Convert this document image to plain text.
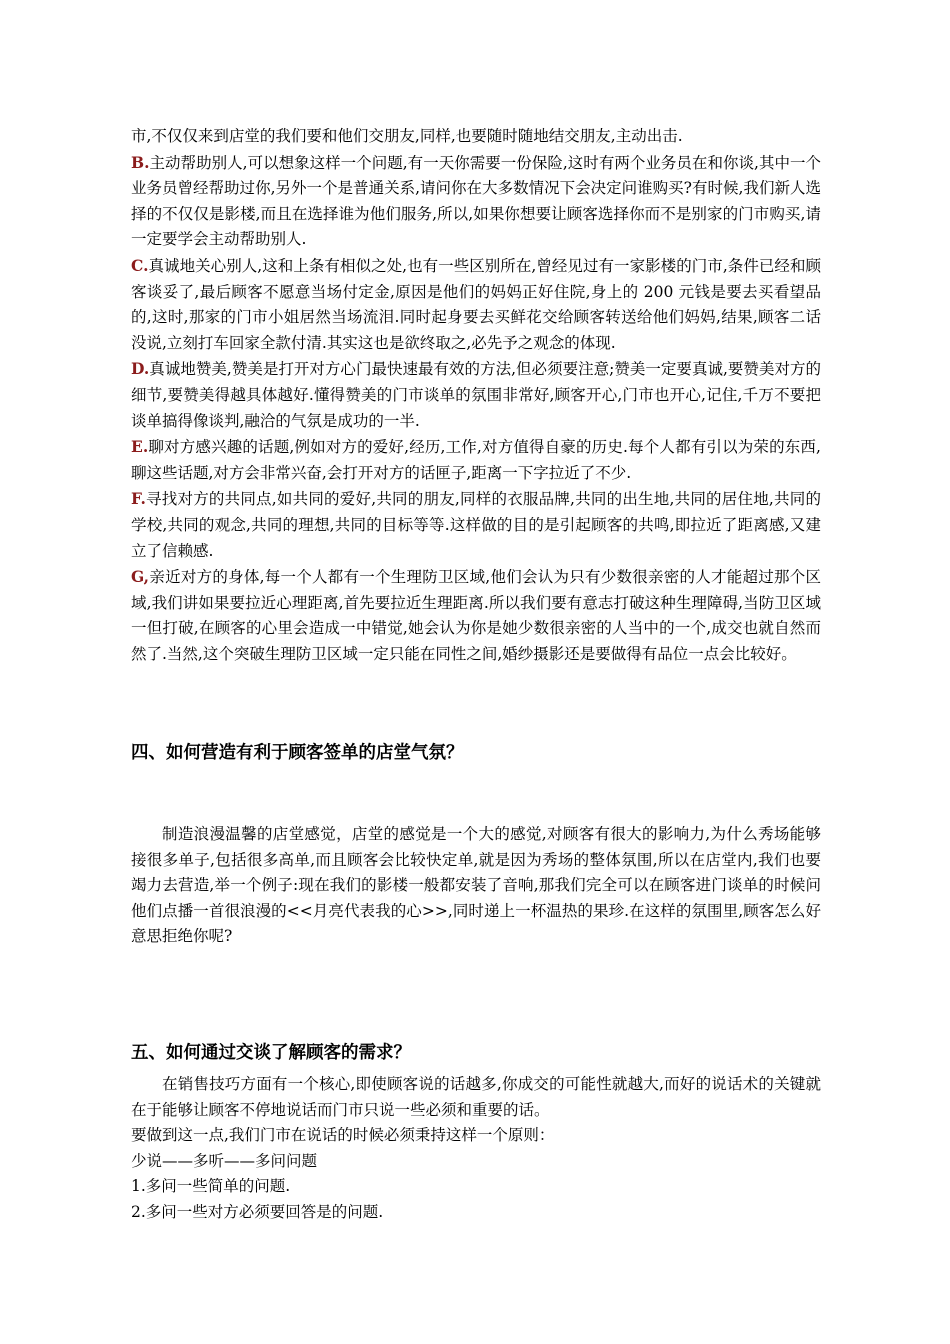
市,不仅仅来到店堂的我们要和他们交朋友,同样,也要随时随地结交朋友,主动出击.

B.主动帮助别人,可以想象这样一个问题,有一天你需要一份保险,这时有两个业务员在和你谈,其中一个业务员曾经帮助过你,另外一个是普通关系,请问你在大多数情况下会决定问谁购买?有时候,我们新人选择的不仅仅是影楼,而且在选择谁为他们服务,所以,如果你想要让顾客选择你而不是别家的门市购买,请一定要学会主动帮助别人.

C.真诚地关心别人,这和上条有相似之处,也有一些区别所在,曾经见过有一家影楼的门市,条件已经和顾客谈妥了,最后顾客不愿意当场付定金,原因是他们的妈妈正好住院,身上的 200 元钱是要去买看望品的,这时,那家的门市小姐居然当场流泪.同时起身要去买鲜花交给顾客转送给他们妈妈,结果,顾客二话没说,立刻打车回家全款付清.其实这也是欲终取之,必先予之观念的体现.

D.真诚地赞美,赞美是打开对方心门最快速最有效的方法,但必须要注意;赞美一定要真诚,要赞美对方的细节,要赞美得越具体越好.懂得赞美的门市谈单的氛围非常好,顾客开心,门市也开心,记住,千万不要把谈单搞得像谈判,融洽的气氛是成功的一半.

E.聊对方感兴趣的话题,例如对方的爱好,经历,工作,对方值得自豪的历史.每个人都有引以为荣的东西,聊这些话题,对方会非常兴奋,会打开对方的话匣子,距离一下字拉近了不少.

F.寻找对方的共同点,如共同的爱好,共同的朋友,同样的衣服品牌,共同的出生地,共同的居住地,共同的学校,共同的观念,共同的理想,共同的目标等等.这样做的目的是引起顾客的共鸣,即拉近了距离感,又建立了信赖感.

G,亲近对方的身体,每一个人都有一个生理防卫区域,他们会认为只有少数很亲密的人才能超过那个区域,我们讲如果要拉近心理距离,首先要拉近生理距离.所以我们要有意志打破这种生理障碍,当防卫区域一但打破,在顾客的心里会造成一中错觉,她会认为你是她少数很亲密的人当中的一个,成交也就自然而然了.当然,这个突破生理防卫区域一定只能在同性之间,婚纱摄影还是要做得有品位一点会比较好。

四、如何营造有利于顾客签单的店堂气氛？

制造浪漫温馨的店堂感觉，店堂的感觉是一个大的感觉,对顾客有很大的影响力,为什么秀场能够接很多单子,包括很多高单,而且顾客会比较快定单,就是因为秀场的整体氛围,所以在店堂内,我们也要竭力去营造,举一个例子:现在我们的影楼一般都安装了音响,那我们完全可以在顾客进门谈单的时候问他们点播一首很浪漫的<<月亮代表我的心>>,同时递上一杯温热的果珍.在这样的氛围里,顾客怎么好意思拒绝你呢?

五、如何通过交谈了解顾客的需求？

在销售技巧方面有一个核心,即使顾客说的话越多,你成交的可能性就越大,而好的说话术的关键就在于能够让顾客不停地说话而门市只说一些必须和重要的话。

要做到这一点,我们门市在说话的时候必须秉持这样一个原则：

少说——多听——多问问题

1.多问一些简单的问题.

2.多问一些对方必须要回答是的问题.
